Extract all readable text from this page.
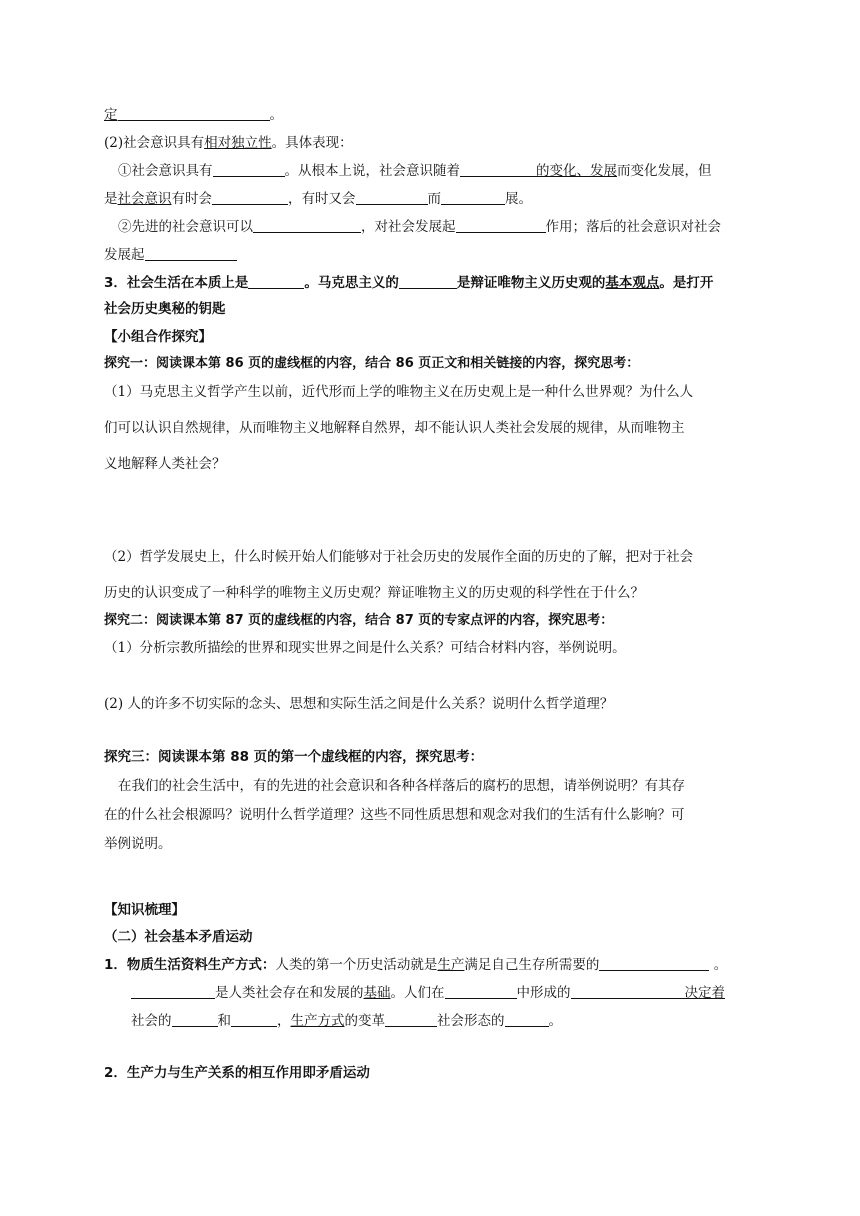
定	。
(2)社会意识具有相对独立性。具体表现：
①社会意识具有	。从根本上说，社会意识随着	的变化、发展而变化发展，但
是社会意识有时会	，有时又会	而	展。
②先进的社会意识可以	，对社会发展起	作用；落后的社会意识对社会
发展起
3．社会生活在本质上是	。马克思主义的	是辩证唯物主义历史观的基本观点。是打开
社会历史奥秘的钥匙
【小组合作探究】
探究一：阅读课本第 86 页的虚线框的内容，结合 86 页正文和相关链接的内容，探究思考：
（1）马克思主义哲学产生以前，近代形而上学的唯物主义在历史观上是一种什么世界观？为什么人
们可以认识自然规律，从而唯物主义地解释自然界，却不能认识人类社会发展的规律，从而唯物主
义地解释人类社会？
（2）哲学发展史上，什么时候开始人们能够对于社会历史的发展作全面的历史的了解，把对于社会
历史的认识变成了一种科学的唯物主义历史观？辩证唯物主义的历史观的科学性在于什么？
探究二：阅读课本第 87 页的虚线框的内容，结合 87 页的专家点评的内容，探究思考：
（1）分析宗教所描绘的世界和现实世界之间是什么关系？可结合材料内容，举例说明。
(2) 人的许多不切实际的念头、思想和实际生活之间是什么关系？说明什么哲学道理？
探究三：阅读课本第 88 页的第一个虚线框的内容，探究思考：
在我们的社会生活中，有的先进的社会意识和各种各样落后的腐朽的思想，请举例说明？有其存
在的什么社会根源吗？说明什么哲学道理？这些不同性质思想和观念对我们的生活有什么影响？可
举例说明。
【知识梳理】
（二）社会基本矛盾运动
1．物质生活资料生产方式：人类的第一个历史活动就是生产满足自己生存所需要的	。
是人类社会存在和发展的基础。人们在	中形成的	决定着
社会的	和	，生产方式的变革	社会形态的	。
2．生产力与生产关系的相互作用即矛盾运动
